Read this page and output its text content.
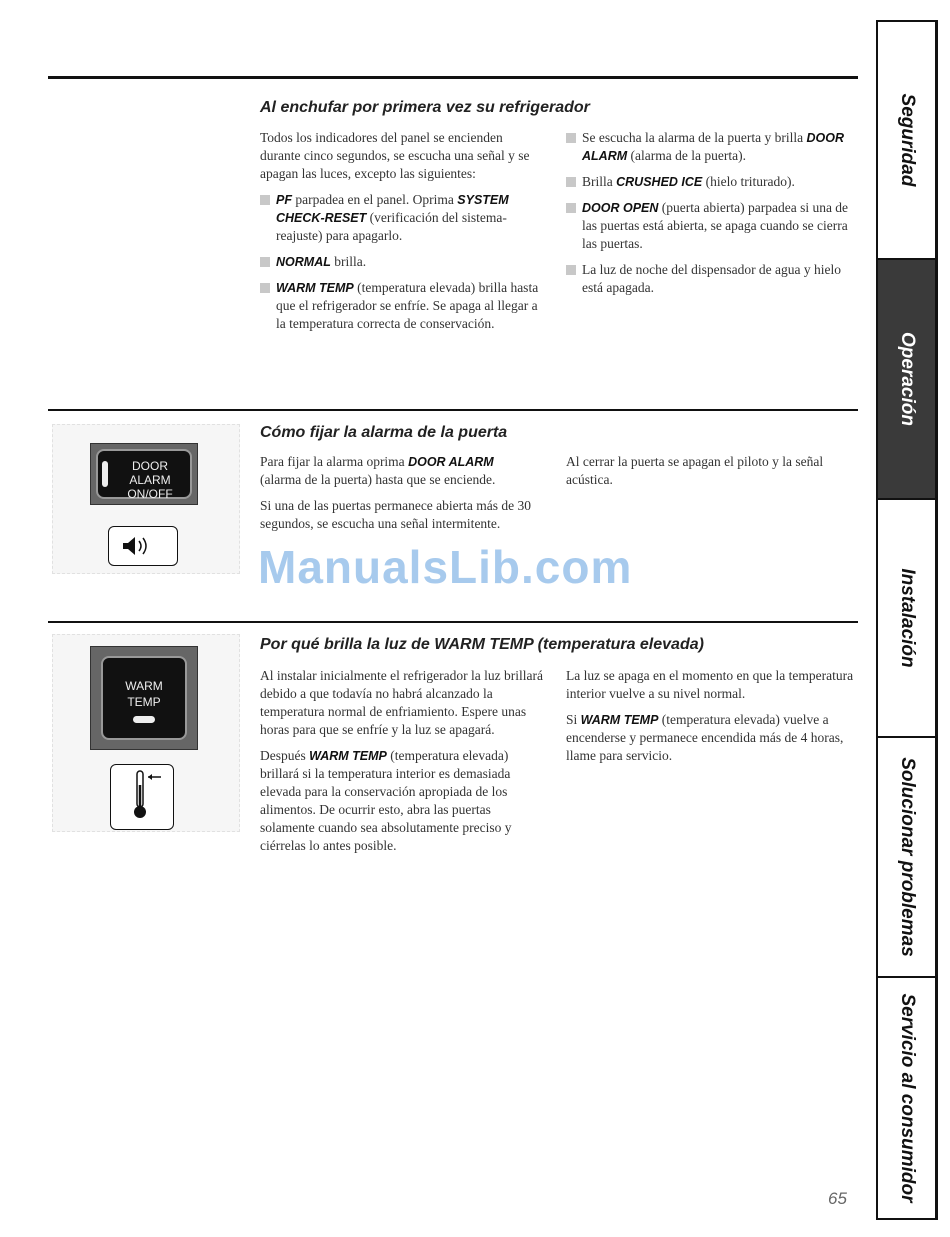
Al enchufar por primera vez su refrigerador

Todos los indicadores del panel se encienden durante cinco segundos, se escucha una señal y se apagan las luces, excepto las siguientes:

PF parpadea en el panel. Oprima SYSTEM CHECK-RESET (verificación del sistema-reajuste) para apagarlo.
NORMAL brilla.
WARM TEMP (temperatura elevada) brilla hasta que el refrigerador se enfríe. Se apaga al llegar a la temperatura correcta de conservación.
Se escucha la alarma de la puerta y brilla DOOR ALARM (alarma de la puerta).
Brilla CRUSHED ICE (hielo triturado).
DOOR OPEN (puerta abierta) parpadea si una de las puertas está abierta, se apaga cuando se cierra las puertas.
La luz de noche del dispensador de agua y hielo está apagada.
DOOR ALARM
ON/OFF
Cómo fijar la alarma de la puerta

Para fijar la alarma oprima DOOR ALARM (alarma de la puerta) hasta que se enciende.

Si una de las puertas permanece abierta más de 30 segundos, se escucha una señal intermitente.

Al cerrar la puerta se apagan el piloto y la señal acústica.

ManualsLib.com
WARM
TEMP
Por qué brilla la luz de WARM TEMP (temperatura elevada)

Al instalar inicialmente el refrigerador la luz brillará debido a que todavía no habrá alcanzado la temperatura normal de enfriamiento. Espere unas horas para que se enfríe y la luz se apagará.

Después WARM TEMP (temperatura elevada) brillará si la temperatura interior es demasiada elevada para la conservación apropiada de los alimentos. De ocurrir esto, abra las puertas solamente cuando sea absolutamente preciso y ciérrelas lo antes posible.

La luz se apaga en el momento en que la temperatura interior vuelve a su nivel normal.

Si WARM TEMP (temperatura elevada) vuelve a encenderse y permanece encendida más de 4 horas, llame para servicio.

Seguridad
Operación
Instalación
Solucionar problemas
Servicio al consumidor
65
